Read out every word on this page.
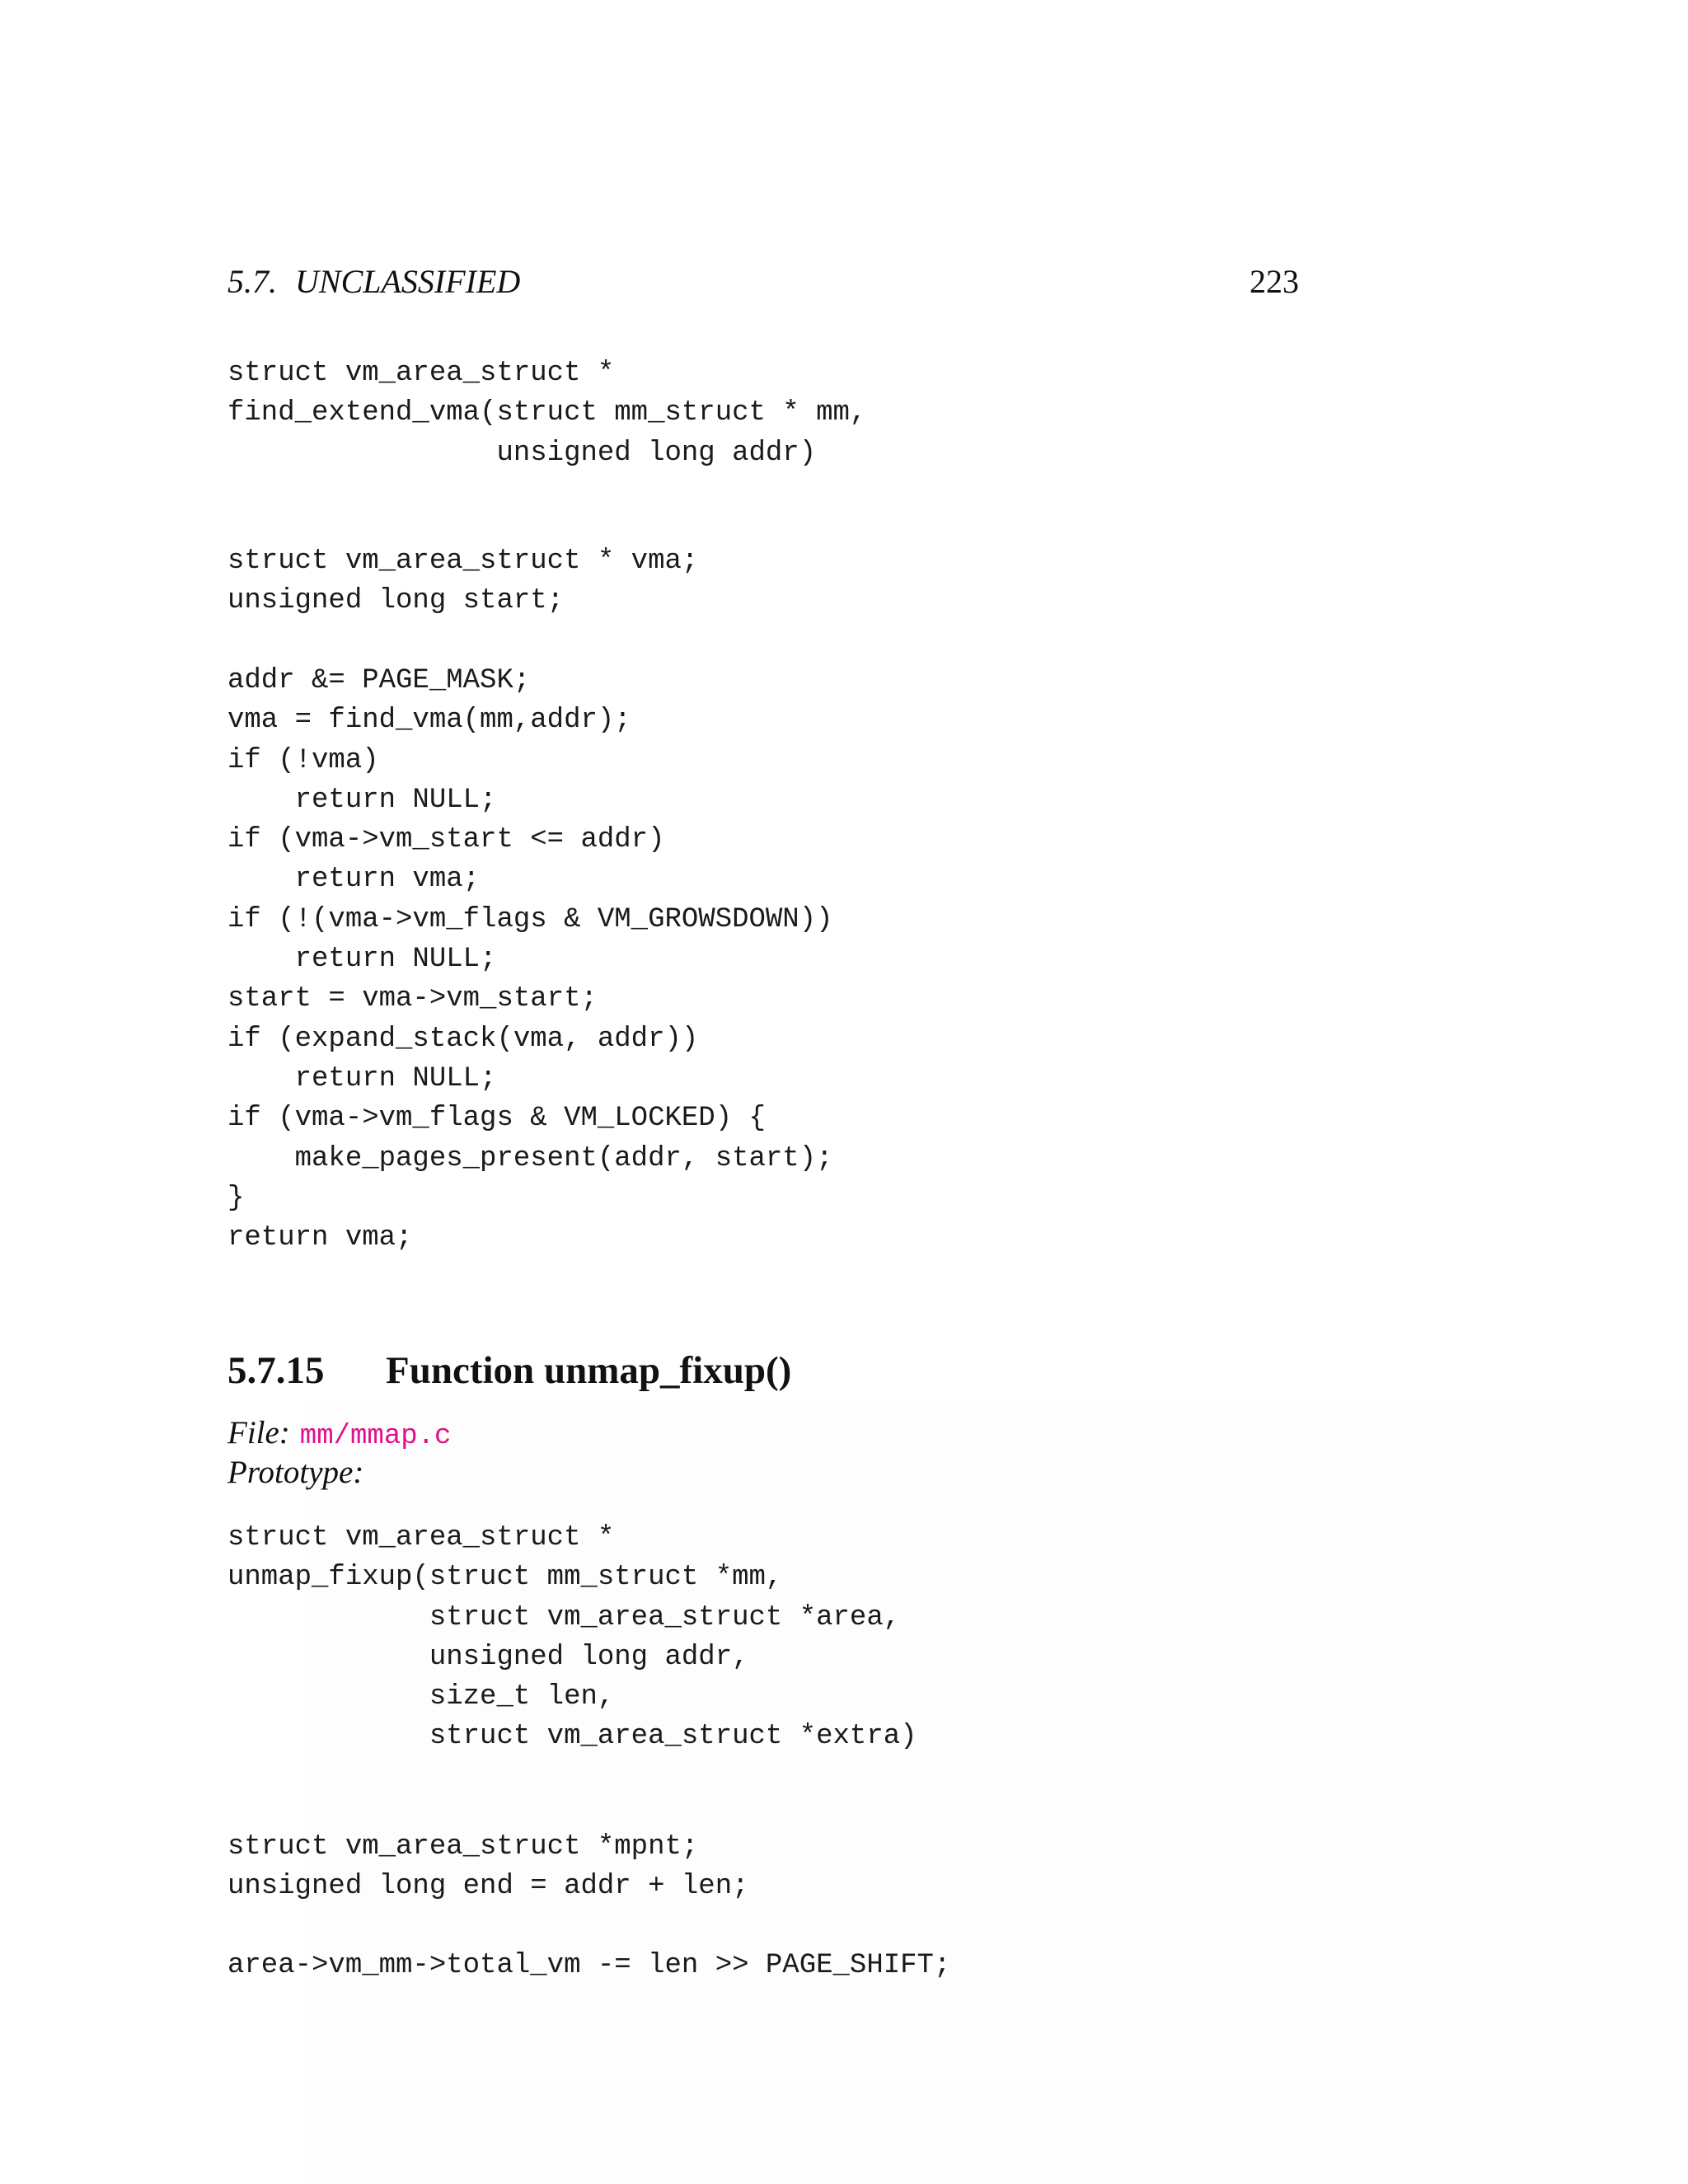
5.7. UNCLASSIFIED	223
struct vm_area_struct *
find_extend_vma(struct mm_struct * mm,
unsigned long addr)
struct vm_area_struct * vma;
unsigned long start;
addr &= PAGE_MASK;
vma = find_vma(mm,addr);
if (!vma)
return NULL;
if (vma->vm_start <= addr)
return vma;
if (!(vma->vm_flags & VM_GROWSDOWN))
return NULL;
start = vma->vm_start;
if (expand_stack(vma, addr))
return NULL;
if (vma->vm_flags & VM_LOCKED) {
make_pages_present(addr, start);
}
return vma;
5.7.15 Function unmap_fixup()
File: mm/mmap.c
Prototype:
struct vm_area_struct *
unmap_fixup(struct mm_struct *mm,
struct vm_area_struct *area,
unsigned long addr,
size_t len,
struct vm_area_struct *extra)
struct vm_area_struct *mpnt;
unsigned long end = addr + len;
area->vm_mm->total_vm -= len >> PAGE_SHIFT;
